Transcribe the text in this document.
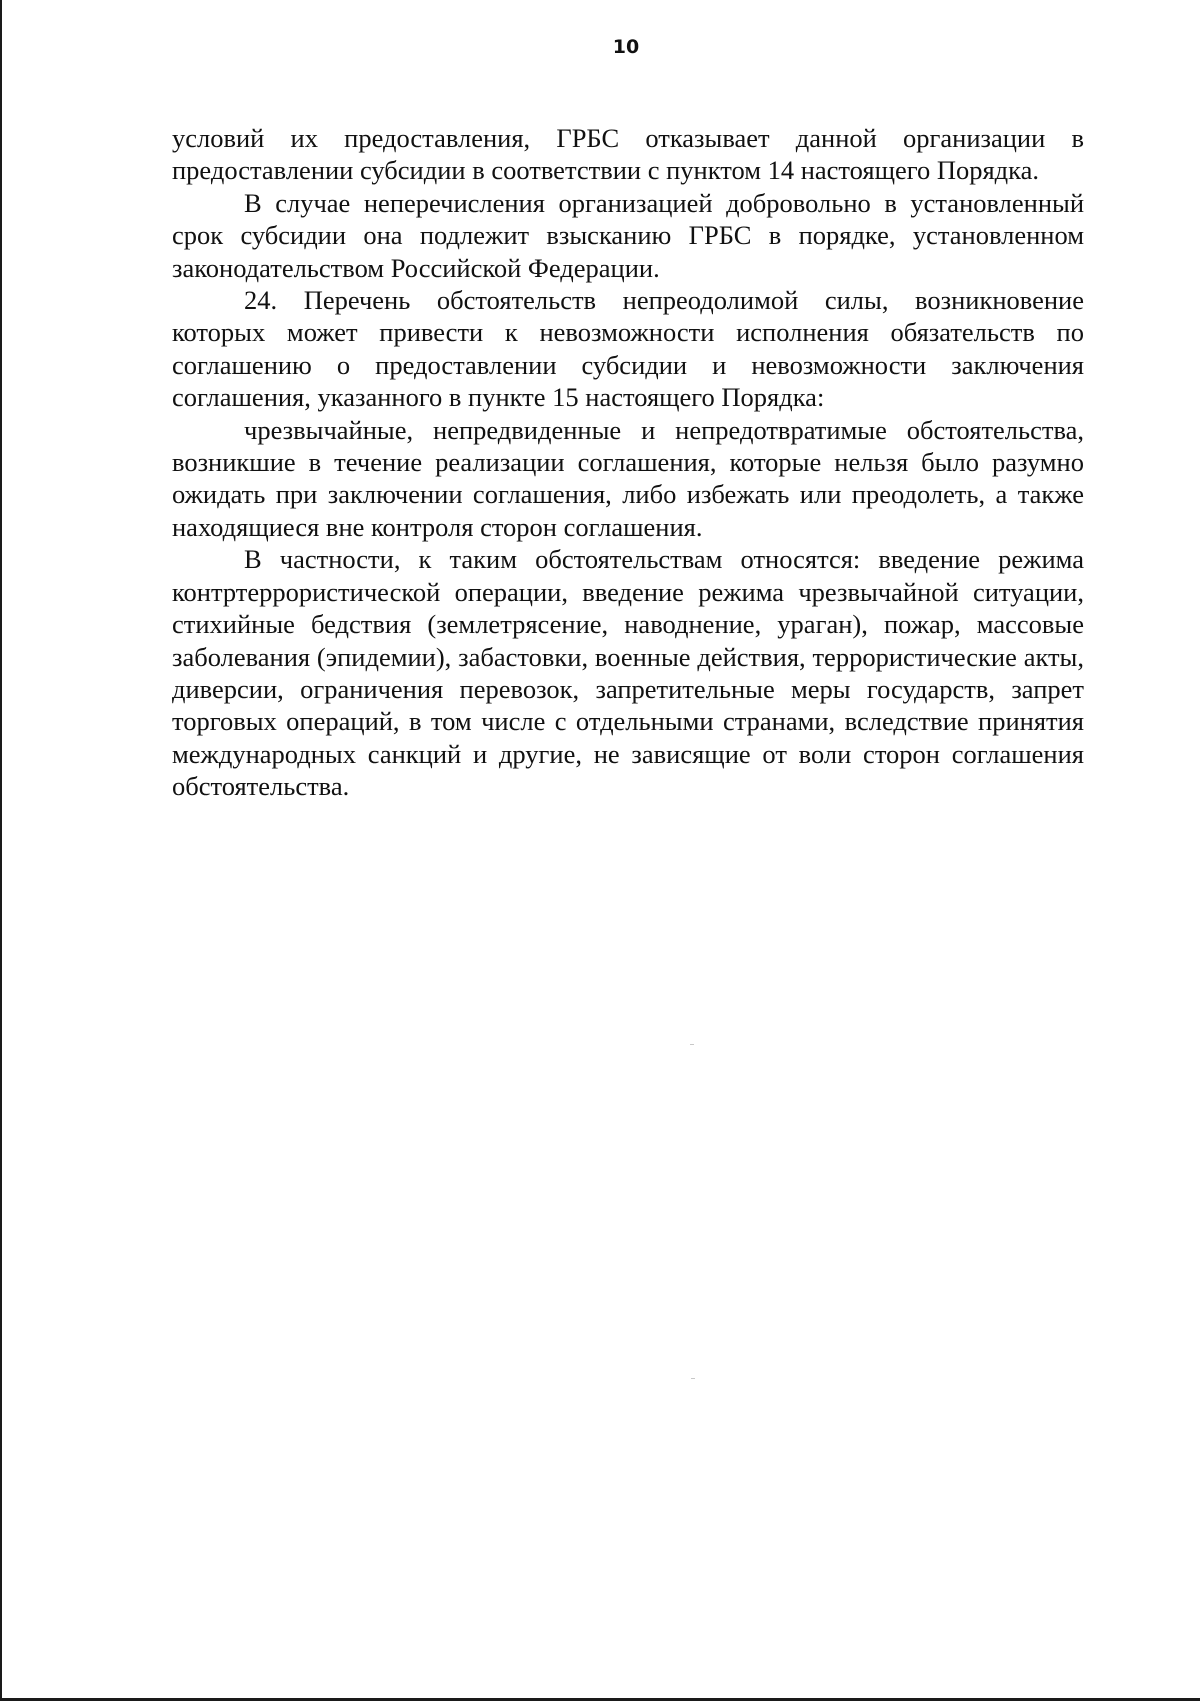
10

условий их предоставления, ГРБС отказывает данной организации в предоставлении субсидии в соответствии с пунктом 14 настоящего Порядка.

В случае неперечисления организацией добровольно в установленный срок субсидии она подлежит взысканию ГРБС в порядке, установленном законодательством Российской Федерации.

24. Перечень обстоятельств непреодолимой силы, возникновение которых может привести к невозможности исполнения обязательств по соглашению о предоставлении субсидии и невозможности заключения соглашения, указанного в пункте 15 настоящего Порядка:

чрезвычайные, непредвиденные и непредотвратимые обстоятельства, возникшие в течение реализации соглашения, которые нельзя было разумно ожидать при заключении соглашения, либо избежать или преодолеть, а также находящиеся вне контроля сторон соглашения.

В частности, к таким обстоятельствам относятся: введение режима контртеррористической операции, введение режима чрезвычайной ситуации, стихийные бедствия (землетрясение, наводнение, ураган), пожар, массовые заболевания (эпидемии), забастовки, военные действия, террористические акты, диверсии, ограничения перевозок, запретительные меры государств, запрет торговых операций, в том числе с отдельными странами, вследствие принятия международных санкций и другие, не зависящие от воли сторон соглашения обстоятельства.
